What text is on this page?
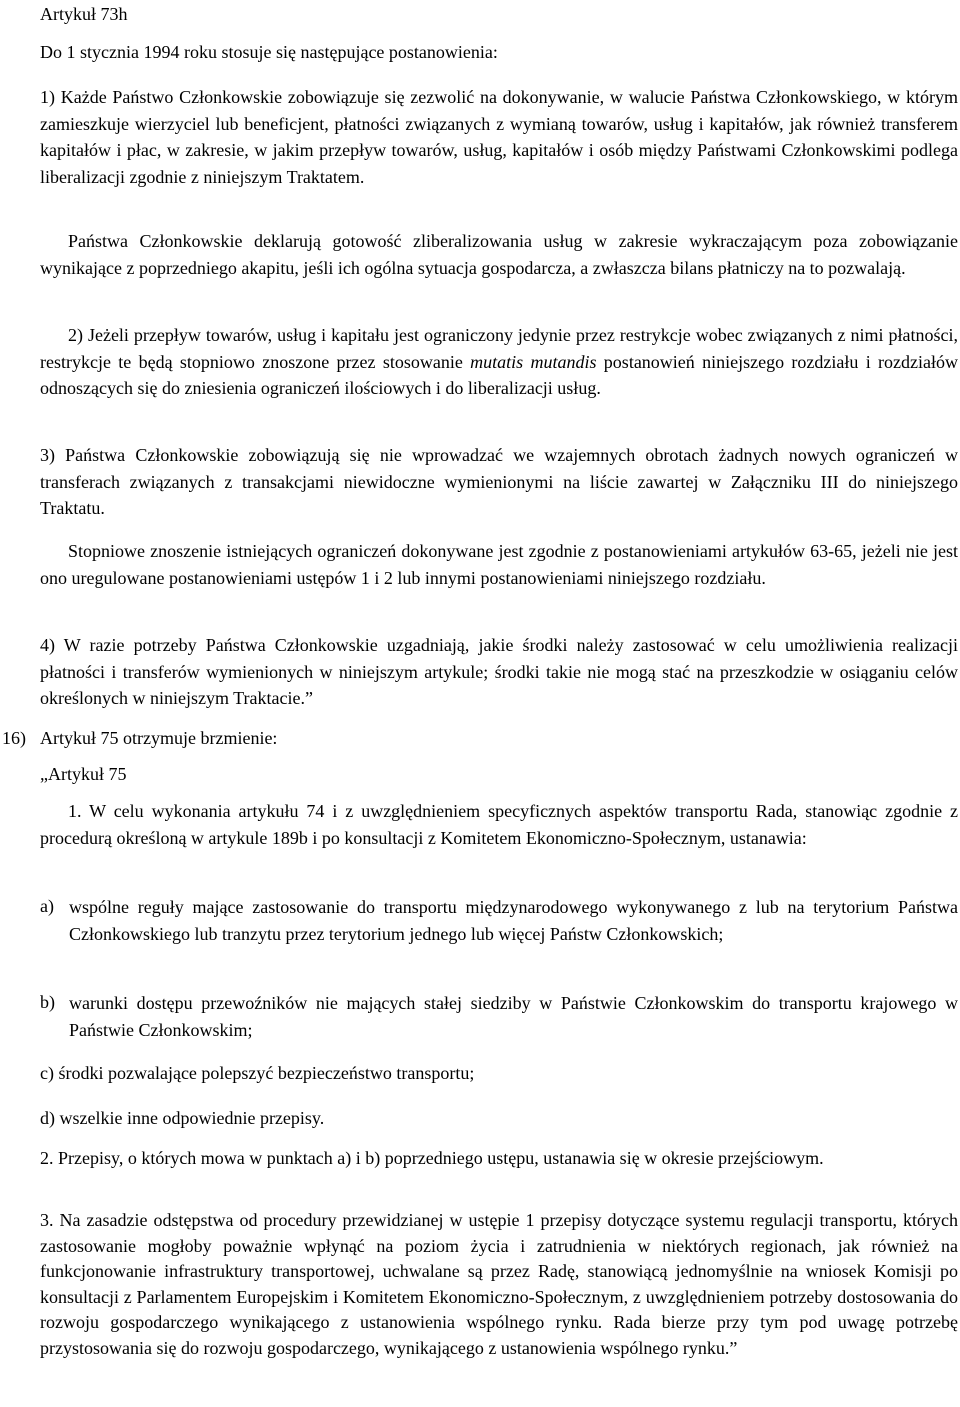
Artykuł 73h

Do 1 stycznia 1994 roku stosuje się następujące postanowienia:

1) Każde Państwo Członkowskie zobowiązuje się zezwolić na dokonywanie, w walucie Państwa Członkowskiego, w którym zamieszkuje wierzyciel lub beneficjent, płatności związanych z wymianą towarów, usług i kapitałów, jak również transferem kapitałów i płac, w zakresie, w jakim przepływ towarów, usług, kapitałów i osób między Państwami Członkowskimi podlega liberalizacji zgodnie z niniejszym Traktatem.

Państwa Członkowskie deklarują gotowość zliberalizowania usług w zakresie wykraczającym poza zobowiązanie wynikające z poprzedniego akapitu, jeśli ich ogólna sytuacja gospodarcza, a zwłaszcza bilans płatniczy na to pozwalają.

2) Jeżeli przepływ towarów, usług i kapitału jest ograniczony jedynie przez restrykcje wobec związanych z nimi płatności, restrykcje te będą stopniowo znoszone przez stosowanie mutatis mutandis postanowień niniejszego rozdziału i rozdziałów odnoszących się do zniesienia ograniczeń ilościowych i do liberalizacji usług.

3) Państwa Członkowskie zobowiązują się nie wprowadzać we wzajemnych obrotach żadnych nowych ograniczeń w transferach związanych z transakcjami niewidoczne wymienionymi na liście zawartej w Załączniku III do niniejszego Traktatu.

Stopniowe znoszenie istniejących ograniczeń dokonywane jest zgodnie z postanowieniami artykułów 63-65, jeżeli nie jest ono uregulowane postanowieniami ustępów 1 i 2 lub innymi postanowieniami niniejszego rozdziału.

4) W razie potrzeby Państwa Członkowskie uzgadniają, jakie środki należy zastosować w celu umożliwienia realizacji płatności i transferów wymienionych w niniejszym artykule; środki takie nie mogą stać na przeszkodzie w osiąganiu celów określonych w niniejszym Traktacie.”

16) Artykuł 75 otrzymuje brzmienie:

„Artykuł 75

1. W celu wykonania artykułu 74 i z uwzględnieniem specyficznych aspektów transportu Rada, stanowiąc zgodnie z procedurą określoną w artykule 189b i po konsultacji z Komitetem Ekonomiczno-Społecznym, ustanawia:

a) wspólne reguły mające zastosowanie do transportu międzynarodowego wykonywanego z lub na terytorium Państwa Członkowskiego lub tranzytu przez terytorium jednego lub więcej Państw Członkowskich;

b) warunki dostępu przewoźników nie mających stałej siedziby w Państwie Członkowskim do transportu krajowego w Państwie Członkowskim;

c) środki pozwalające polepszyć bezpieczeństwo transportu;

d) wszelkie inne odpowiednie przepisy.

2. Przepisy, o których mowa w punktach a) i b) poprzedniego ustępu, ustanawia się w okresie przejściowym.

3. Na zasadzie odstępstwa od procedury przewidzianej w ustępie 1 przepisy dotyczące systemu regulacji transportu, których zastosowanie mogłoby poważnie wpłynąć na poziom życia i zatrudnienia w niektórych regionach, jak również na funkcjonowanie infrastruktury transportowej, uchwalane są przez Radę, stanowiącą jednomyślnie na wniosek Komisji po konsultacji z Parlamentem Europejskim i Komitetem Ekonomiczno-Społecznym, z uwzględnieniem potrzeby dostosowania do rozwoju gospodarczego wynikającego z ustanowienia wspólnego rynku. Rada bierze przy tym pod uwagę potrzebę przystosowania się do rozwoju gospodarczego, wynikającego z ustanowienia wspólnego rynku.”
